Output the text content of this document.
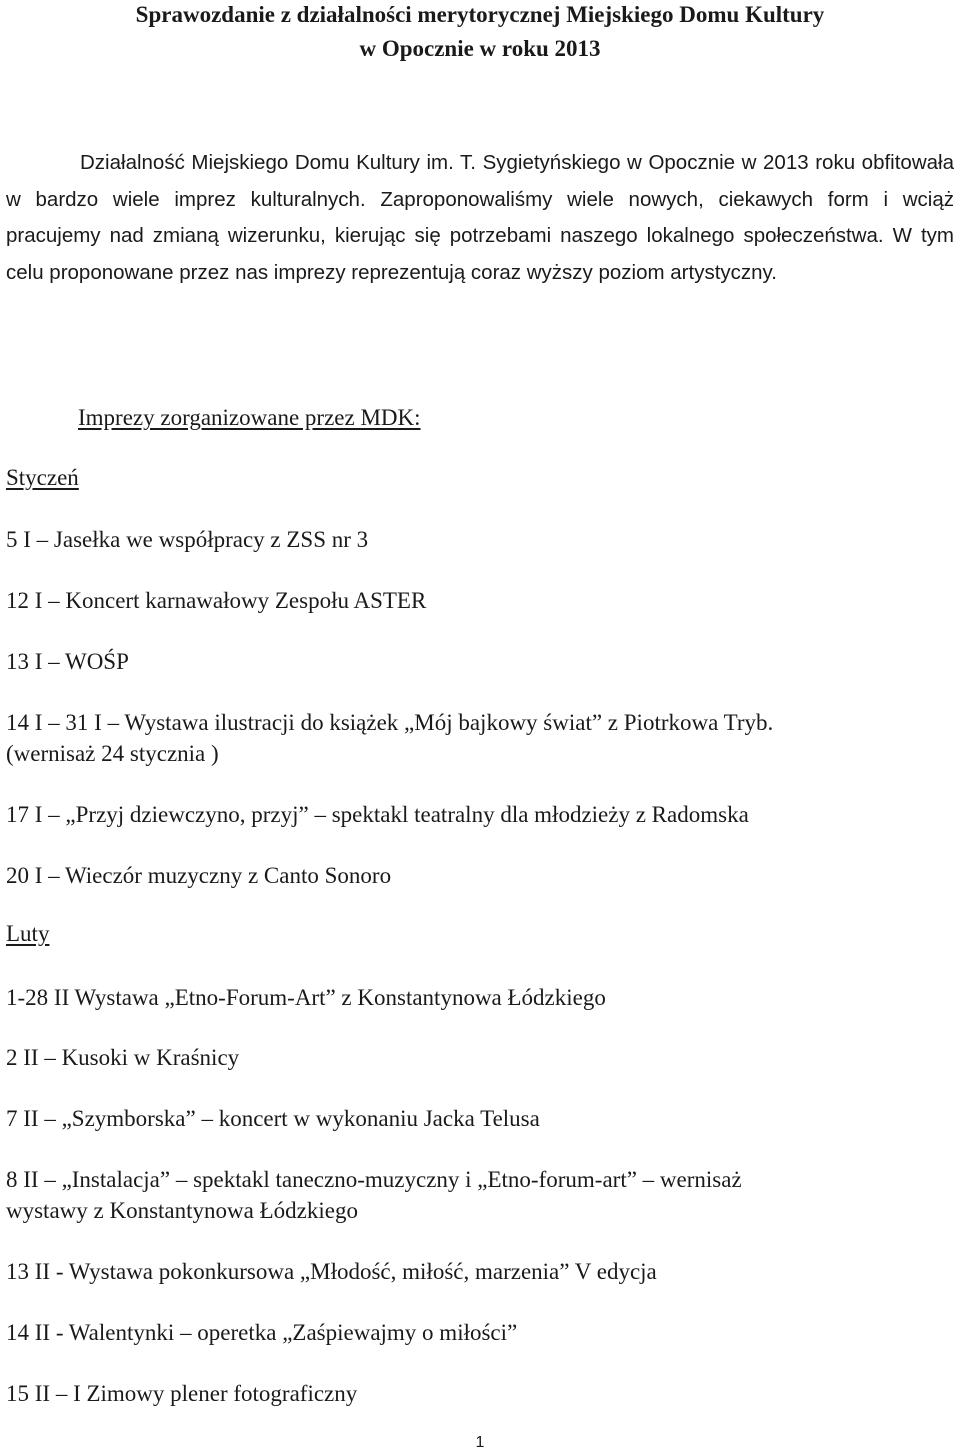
Sprawozdanie z działalności merytorycznej Miejskiego Domu Kultury
w Opocznie w roku 2013

Działalność Miejskiego Domu Kultury im. T. Sygietyńskiego w Opocznie w 2013 roku obfitowała w bardzo wiele imprez kulturalnych. Zaproponowaliśmy wiele nowych, ciekawych form i wciąż pracujemy nad zmianą wizerunku, kierując się potrzebami naszego lokalnego społeczeństwa. W tym celu proponowane przez nas imprezy reprezentują coraz wyższy poziom artystyczny.

Imprezy zorganizowane przez MDK:
Styczeń
5 I – Jasełka we współpracy z ZSS nr 3
12 I – Koncert karnawałowy Zespołu ASTER
13 I – WOŚP
14 I – 31 I – Wystawa ilustracji do książek „Mój bajkowy świat” z Piotrkowa Tryb.
(wernisaż 24 stycznia )
17 I – „Przyj dziewczyno, przyj” – spektakl teatralny dla młodzieży z Radomska
20 I – Wieczór muzyczny z Canto Sonoro
Luty
1-28 II Wystawa „Etno-Forum-Art” z Konstantynowa Łódzkiego
2 II – Kusoki w Kraśnicy
7 II – „Szymborska” – koncert w wykonaniu Jacka Telusa
8 II – „Instalacja” – spektakl taneczno-muzyczny i „Etno-forum-art” – wernisaż
wystawy z Konstantynowa Łódzkiego
13 II - Wystawa pokonkursowa „Młodość, miłość, marzenia” V edycja
14 II - Walentynki – operetka „Zaśpiewajmy o miłości”
15 II – I Zimowy plener fotograficzny
1
